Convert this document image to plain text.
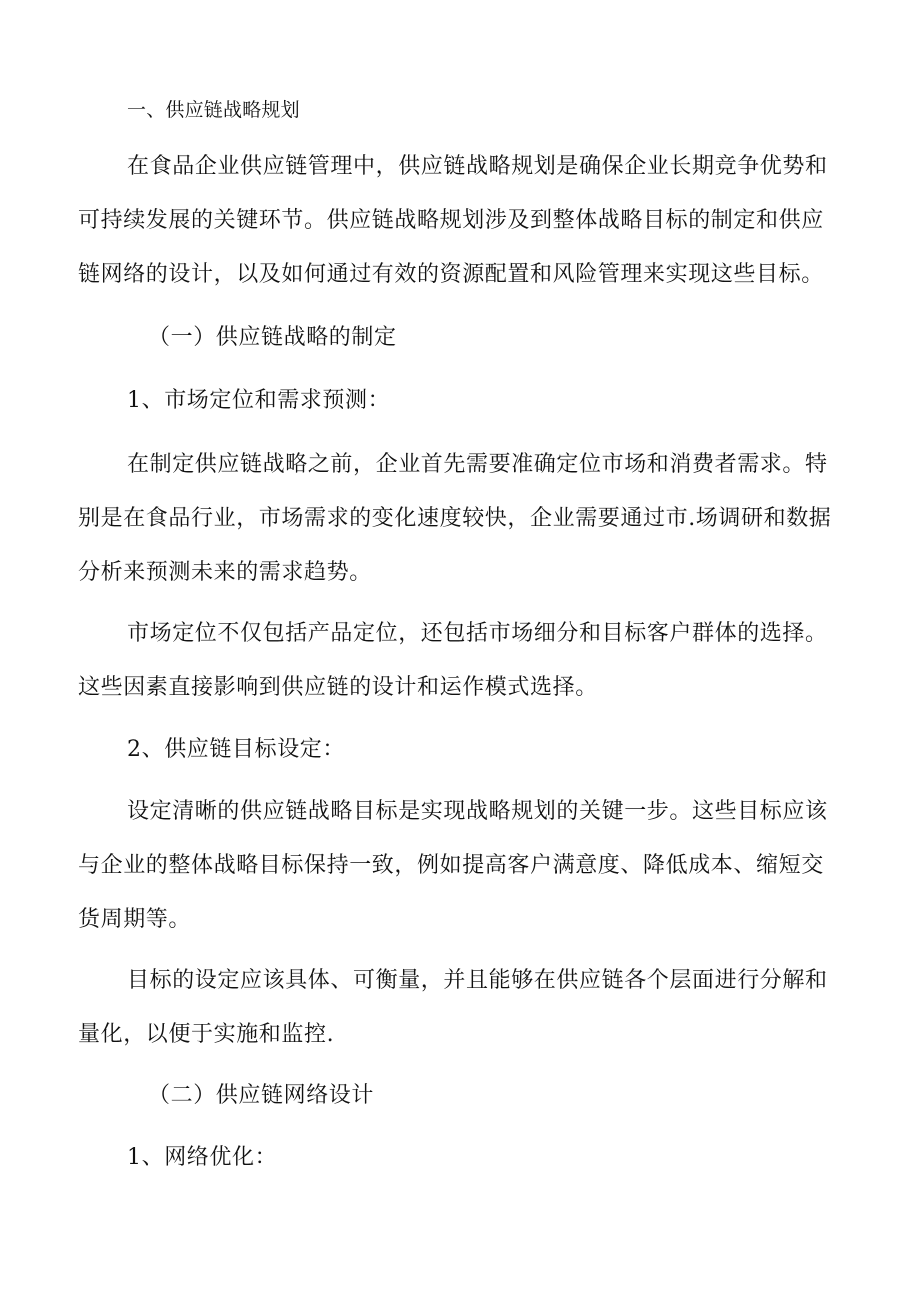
一、供应链战略规划

在食品企业供应链管理中，供应链战略规划是确保企业长期竞争优势和

可持续发展的关键环节。供应链战略规划涉及到整体战略目标的制定和供应

链网络的设计，以及如何通过有效的资源配置和风险管理来实现这些目标。

（一）供应链战略的制定

1、市场定位和需求预测：

在制定供应链战略之前，企业首先需要准确定位市场和消费者需求。特

别是在食品行业，市场需求的变化速度较快，企业需要通过市.场调研和数据

分析来预测未来的需求趋势。

市场定位不仅包括产品定位，还包括市场细分和目标客户群体的选择。

这些因素直接影响到供应链的设计和运作模式选择。

2、供应链目标设定：

设定清晰的供应链战略目标是实现战略规划的关键一步。这些目标应该

与企业的整体战略目标保持一致，例如提高客户满意度、降低成本、缩短交

货周期等。

目标的设定应该具体、可衡量，并且能够在供应链各个层面进行分解和

量化，以便于实施和监控.

（二）供应链网络设计

1、网络优化：
